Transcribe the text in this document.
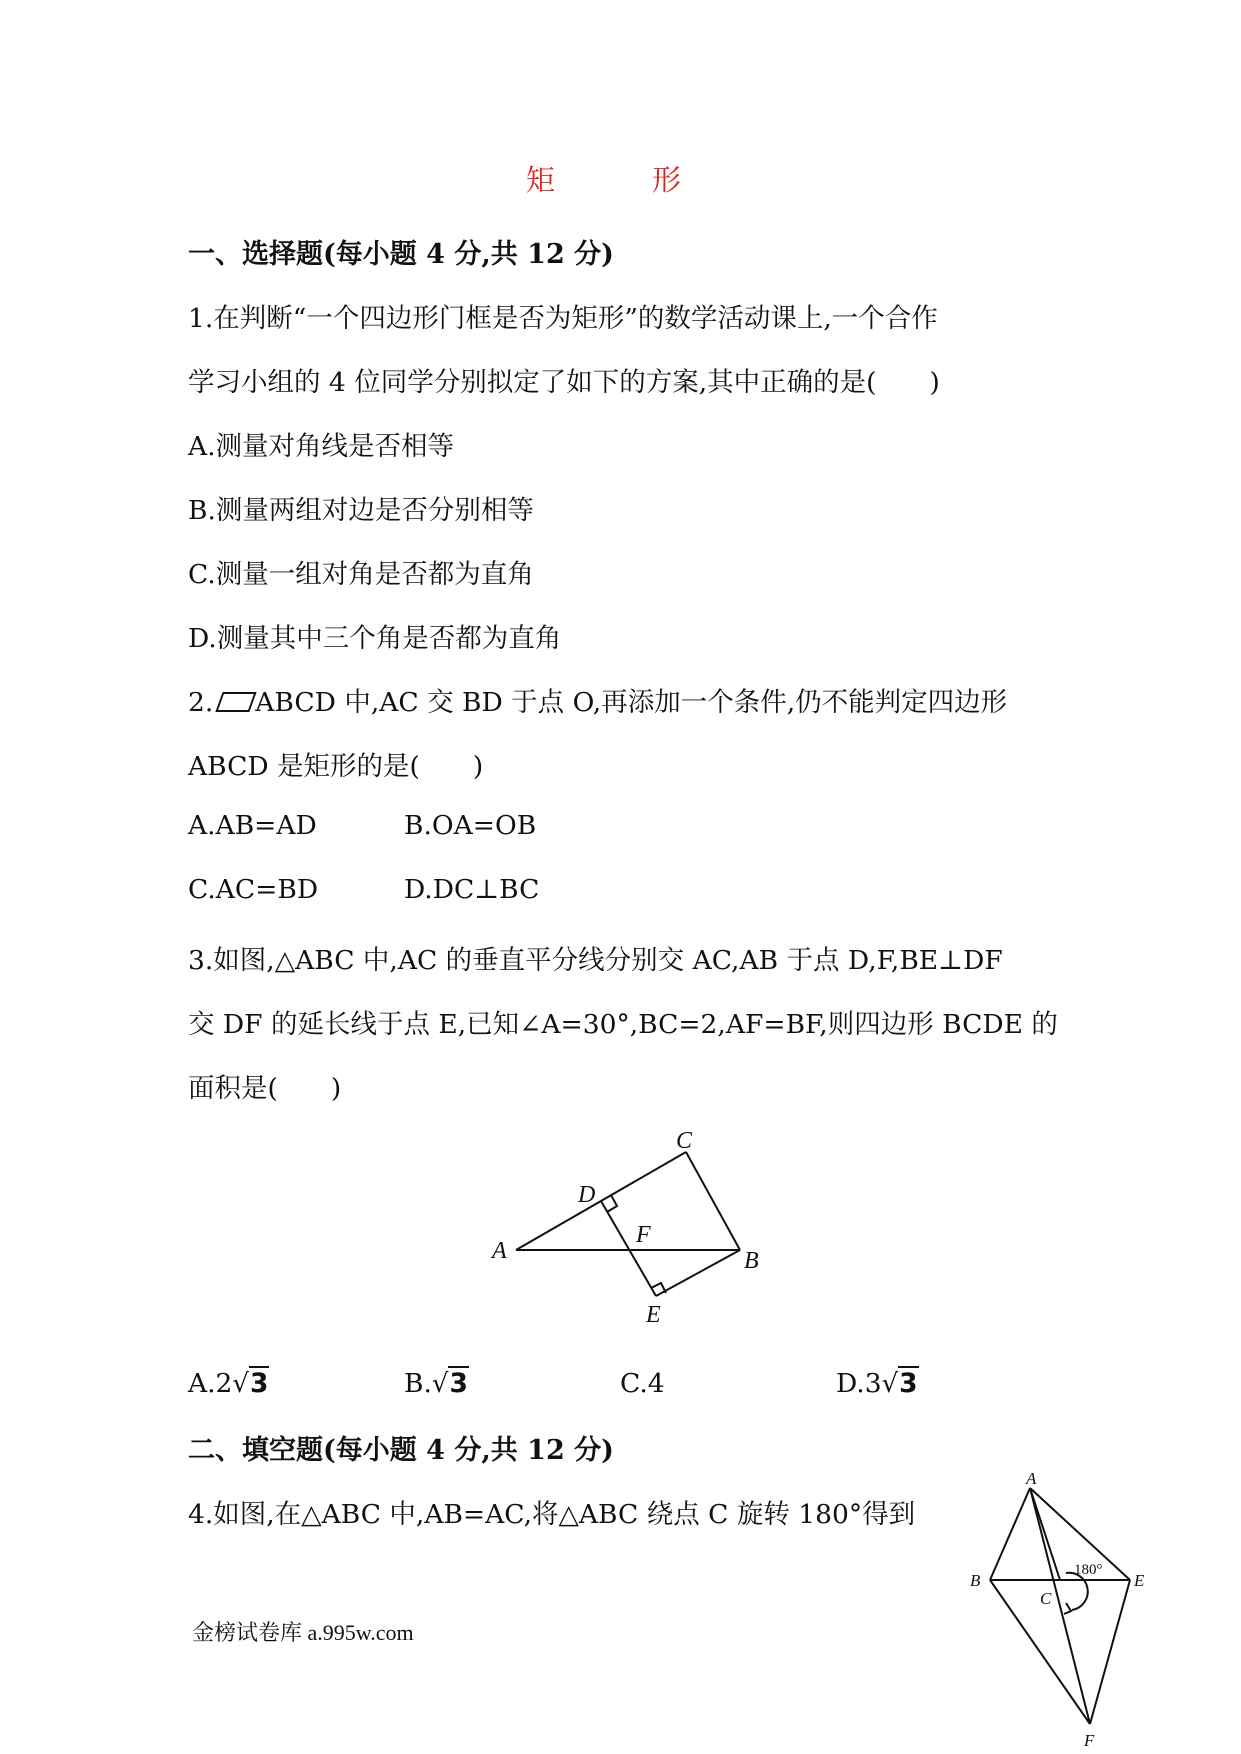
矩　形
一、选择题(每小题 4 分,共 12 分)
1.在判断“一个四边形门框是否为矩形”的数学活动课上,一个合作
学习小组的 4 位同学分别拟定了如下的方案,其中正确的是(　　)
A.测量对角线是否相等
B.测量两组对边是否分别相等
C.测量一组对角是否都为直角
D.测量其中三个角是否都为直角
2. ABCD 中,AC 交 BD 于点 O,再添加一个条件,仍不能判定四边形
ABCD 是矩形的是(　　)
A.AB=AD	B.OA=OB
C.AC=BD	D.DC⊥BC
3.如图,△ABC 中,AC 的垂直平分线分别交 AC,AB 于点 D,F,BE⊥DF
交 DF 的延长线于点 E,已知∠A=30°,BC=2,AF=BF,则四边形 BCDE 的
面积是(　　)
A	B
C
D
E
F
A.2√3	B.√3	C.4	D.3√3
二、填空题(每小题 4 分,共 12 分)
4.如图,在△ABC 中,AB=AC,将△ABC 绕点 C 旋转 180°得到
A
B
C
E
F
180°
金榜试卷库 a.995w.com
